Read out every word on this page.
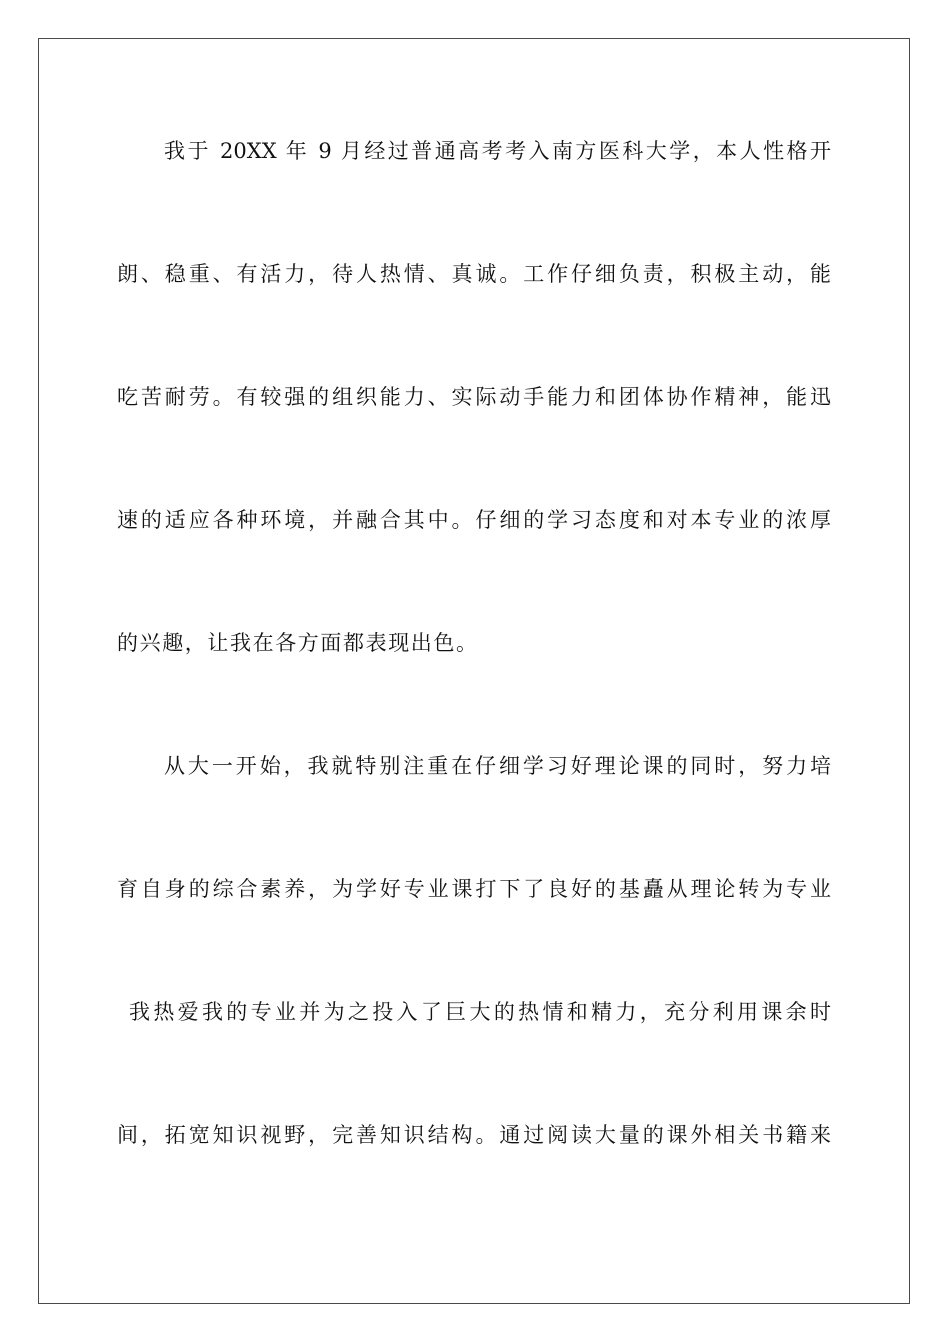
我于 20XX 年 9 月经过普通高考考入南方医科大学，本人性格开
朗、稳重、有活力，待人热情、真诚。工作仔细负责，积极主动，能
吃苦耐劳。有较强的组织能力、实际动手能力和团体协作精神，能迅
速的适应各种环境，并融合其中。仔细的学习态度和对本专业的浓厚
的兴趣，让我在各方面都表现出色。
从大一开始，我就特别注重在仔细学习好理论课的同时，努力培
育自身的综合素养，为学好专业课打下了良好的基矗从理论转为专业
我热爱我的专业并为之投入了巨大的热情和精力，充分利用课余时
间，拓宽知识视野，完善知识结构。通过阅读大量的课外相关书籍来
